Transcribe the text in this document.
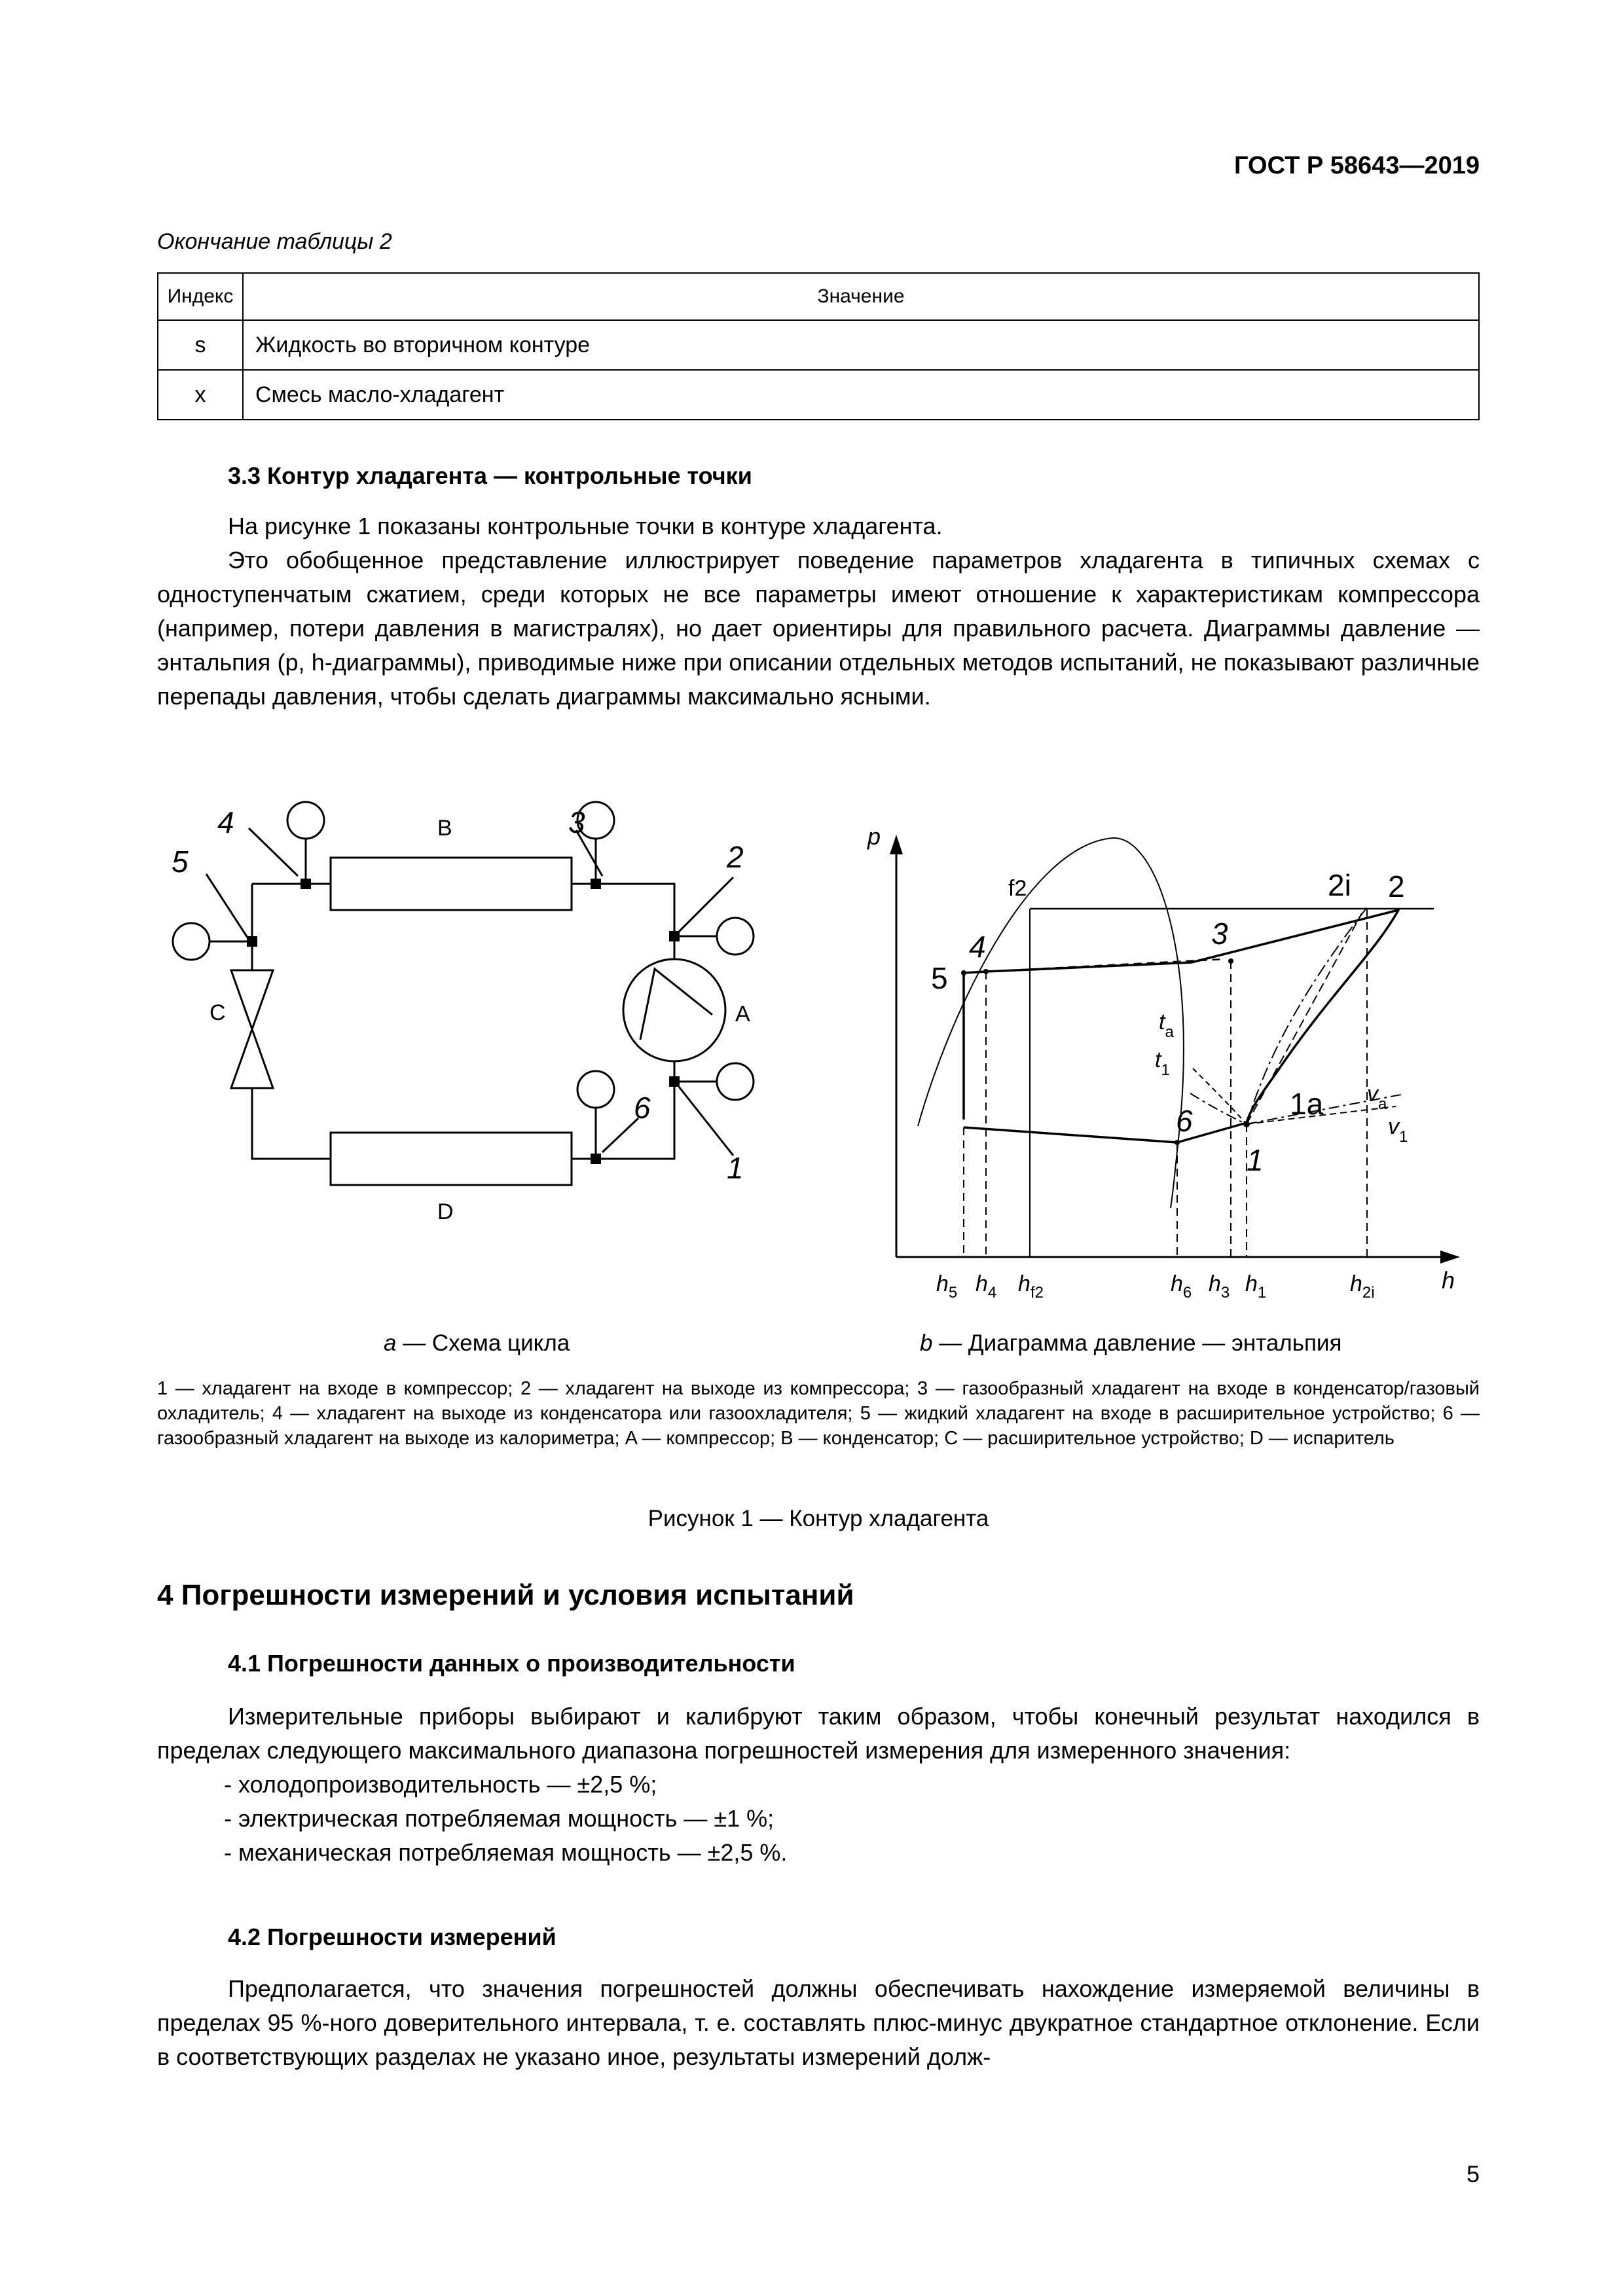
ГОСТ Р 58643—2019
Окончание таблицы 2
Индекс	Значение
s	Жидкость во вторичном контуре
x	Смесь масло-хладагент
3.3 Контур хладагента — контрольные точки

На рисунке 1 показаны контрольные точки в контуре хладагента.

Это обобщенное представление иллюстрирует поведение параметров хладагента в типичных схемах с одноступенчатым сжатием, среди которых не все параметры имеют отношение к характеристикам компрессора (например, потери давления в магистралях), но дает ориентиры для правильного расчета. Диаграммы давление — энтальпия (p, h-диаграммы), приводимые ниже при описании отдельных методов испытаний, не показывают различные перепады давления, чтобы сделать диаграммы максимально ясными.

B
A
C
D
4	3
5	2
6
1
p
h
5
4	3
2i 2
1a
6
1
f2
$t_a$
$t_1$
$v_a$
$v_1$
$h_5$ $h_4$ $h_{f2}$	$h_6$ $h_3$ $h_1$	$h_{2i}$
a — Схема цикла	b — Диаграмма давление — энтальпия
1 — хладагент на входе в компрессор; 2 — хладагент на выходе из компрессора; 3 — газообразный хладагент на входе в конденсатор/газовый охладитель; 4 — хладагент на выходе из конденсатора или газоохладителя; 5 — жидкий хладагент на входе в расширительное устройство; 6 — газообразный хладагент на выходе из калориметра; A — компрессор; B — конденсатор; C — расширительное устройство; D — испаритель
Рисунок 1 — Контур хладагента
4 Погрешности измерений и условия испытаний
4.1 Погрешности данных о производительности

Измерительные приборы выбирают и калибруют таким образом, чтобы конечный результат находился в пределах следующего максимального диапазона погрешностей измерения для измеренного значения:

- холодопроизводительность — ±2,5 %;
- электрическая потребляемая мощность — ±1 %;
- механическая потребляемая мощность — ±2,5 %.
4.2 Погрешности измерений

Предполагается, что значения погрешностей должны обеспечивать нахождение измеряемой величины в пределах 95 %-ного доверительного интервала, т. е. составлять плюс-минус двукратное стандартное отклонение. Если в соответствующих разделах не указано иное, результаты измерений долж-

5
